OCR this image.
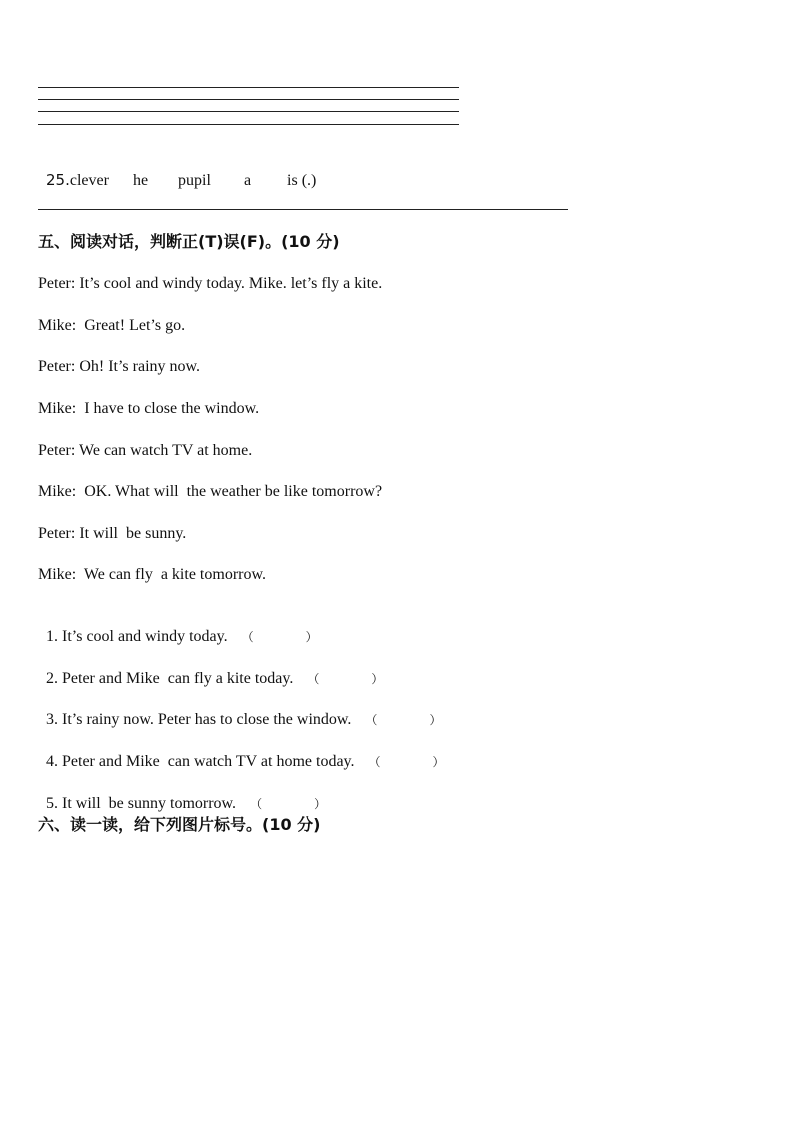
25.clever he pupil a is (.)

五、阅读对话，判断正(T)误(F)。(10 分)
Peter: It’s cool and windy today. Mike. let’s fly a kite.
Mike:  Great! Let’s go.
Peter: Oh! It’s rainy now.
Mike:  I have to close the window.
Peter: We can watch TV at home.
Mike:  OK. What will  the weather be like tomorrow?
Peter: It will  be sunny.
Mike:  We can fly  a kite tomorrow.

1. It’s cool and windy today. （	）

2. Peter and Mike  can fly a kite today. （	）

3. It’s rainy now. Peter has to close the window. （	）

4. Peter and Mike  can watch TV at home today. （	）

5. It will  be sunny tomorrow. （	）

六、读一读，给下列图片标号。(10 分)
